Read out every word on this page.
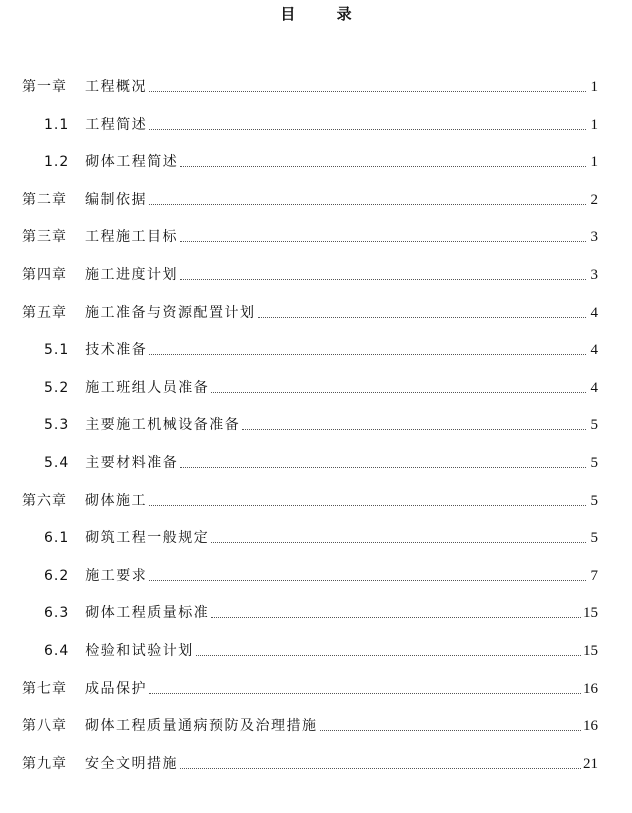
目 录
第一章 工程概况	1
1.1 工程简述	1
1.2 砌体工程简述	1
第二章 编制依据	2
第三章 工程施工目标	3
第四章 施工进度计划	3
第五章 施工准备与资源配置计划	4
5.1 技术准备	4
5.2 施工班组人员准备	4
5.3 主要施工机械设备准备	5
5.4 主要材料准备	5
第六章 砌体施工	5
6.1 砌筑工程一般规定	5
6.2 施工要求	7
6.3 砌体工程质量标准	15
6.4 检验和试验计划	15
第七章 成品保护	16
第八章 砌体工程质量通病预防及治理措施	16
第九章 安全文明措施	21
